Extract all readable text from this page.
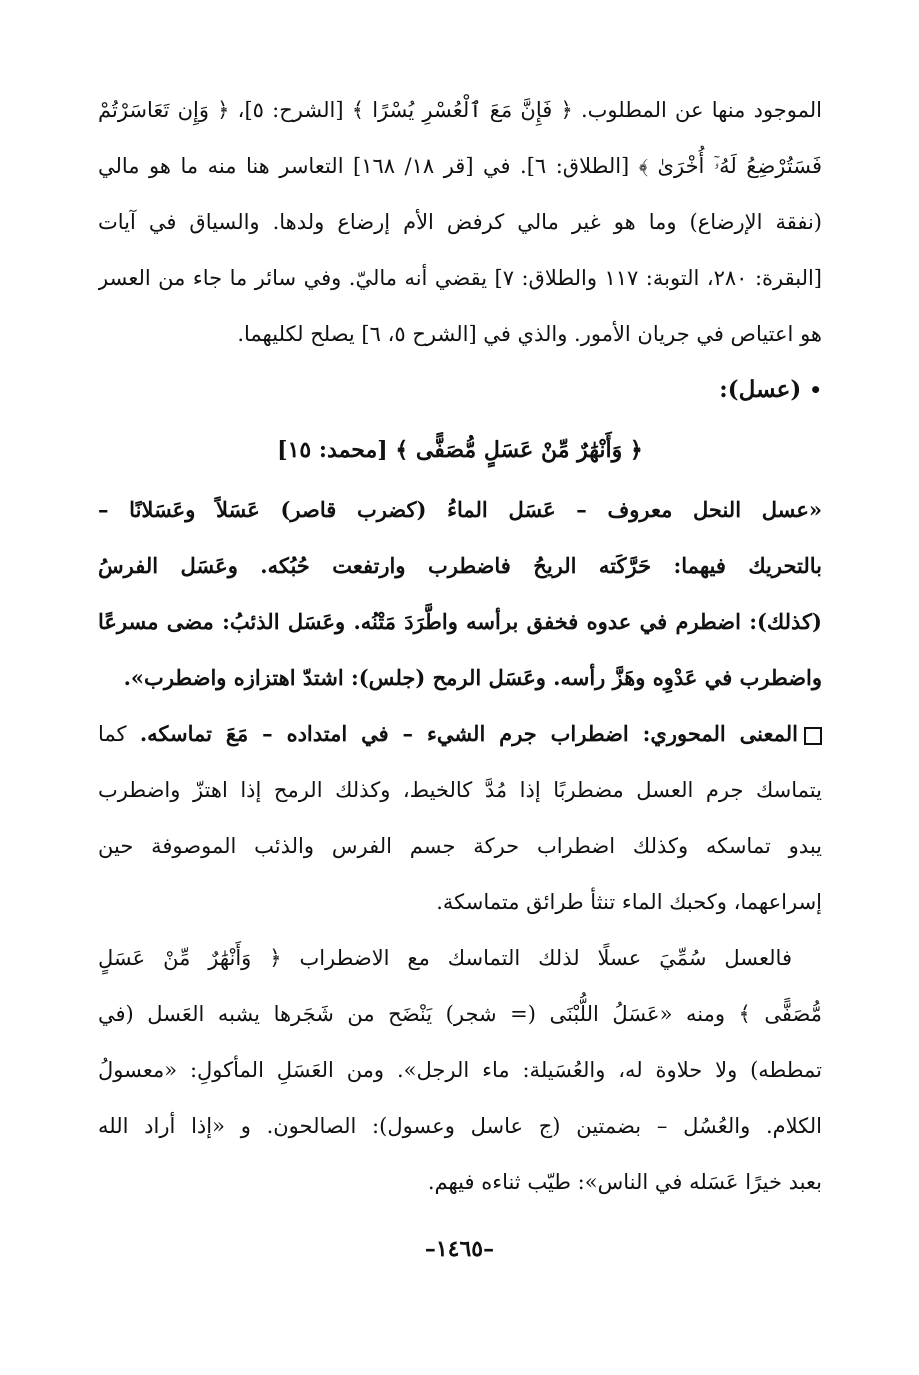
الموجود منها عن المطلوب. ﴿ فَإِنَّ مَعَ ٱلْعُسْرِ يُسْرًا ﴾ [الشرح: ٥]، ﴿ وَإِن تَعَاسَرْتُمْ
فَسَتُرْضِعُ لَهُۥٓ أُخْرَىٰ ﴾ [الطلاق: ٦]. في [قر ١٨/ ١٦٨] التعاسر هنا منه ما هو مالي
(نفقة الإرضاع) وما هو غير مالي كرفض الأم إرضاع ولدها. والسياق في آيات
[البقرة: ٢٨٠، التوبة: ١١٧ والطلاق: ٧] يقضي أنه ماليّ. وفي سائر ما جاء من العسر
هو اعتياص في جريان الأمور. والذي في [الشرح ٥، ٦] يصلح لكليهما.
•(عسل):
﴿ وَأَنْهَٰرٌ مِّنْ عَسَلٍ مُّصَفًّى ﴾ [محمد: ١٥]
«عسل النحل معروف – عَسَل الماءُ (كضرب قاصر) عَسَلاً وعَسَلانًا –
بالتحريك فيهما: حَرَّكَته الريحُ فاضطرب وارتفعت حُبُكه. وعَسَل الفرسُ
(كذلك): اضطرم في عدوه فخفق برأسه واطَّرَدَ مَتْنُه. وعَسَل الذئبُ: مضى مسرعًا
واضطرب في عَدْوِه وهَزَّ رأسه. وعَسَل الرمح (جلس): اشتدّ اهتزازه واضطرب».
المعنى المحوري: اضطراب جرم الشيء – في امتداده – مَعَ تماسكه. كما
يتماسك جرم العسل مضطربًا إذا مُدَّ كالخيط، وكذلك الرمح إذا اهتزّ واضطرب
يبدو تماسكه وكذلك اضطراب حركة جسم الفرس والذئب الموصوفة حين
إسراعهما، وكحبك الماء تنثأ طرائق متماسكة.
فالعسل سُمِّيَ عسلًا لذلك التماسك مع الاضطراب ﴿ وَأَنْهَٰرٌ مِّنْ عَسَلٍ
مُّصَفًّى ﴾ ومنه «عَسَلُ اللُّبْنَى (= شجر) يَنْضَح من شَجَرها يشبه العَسل (في
تمططه) ولا حلاوة له، والعُسَيلة: ماء الرجل». ومن العَسَلِ المأكولِ: «معسولُ
الكلام. والعُسُل – بضمتين (ج عاسل وعسول): الصالحون. و «إذا أراد الله
بعبد خيرًا عَسَله في الناس»: طيّب ثناءه فيهم.
–١٤٦٥–
